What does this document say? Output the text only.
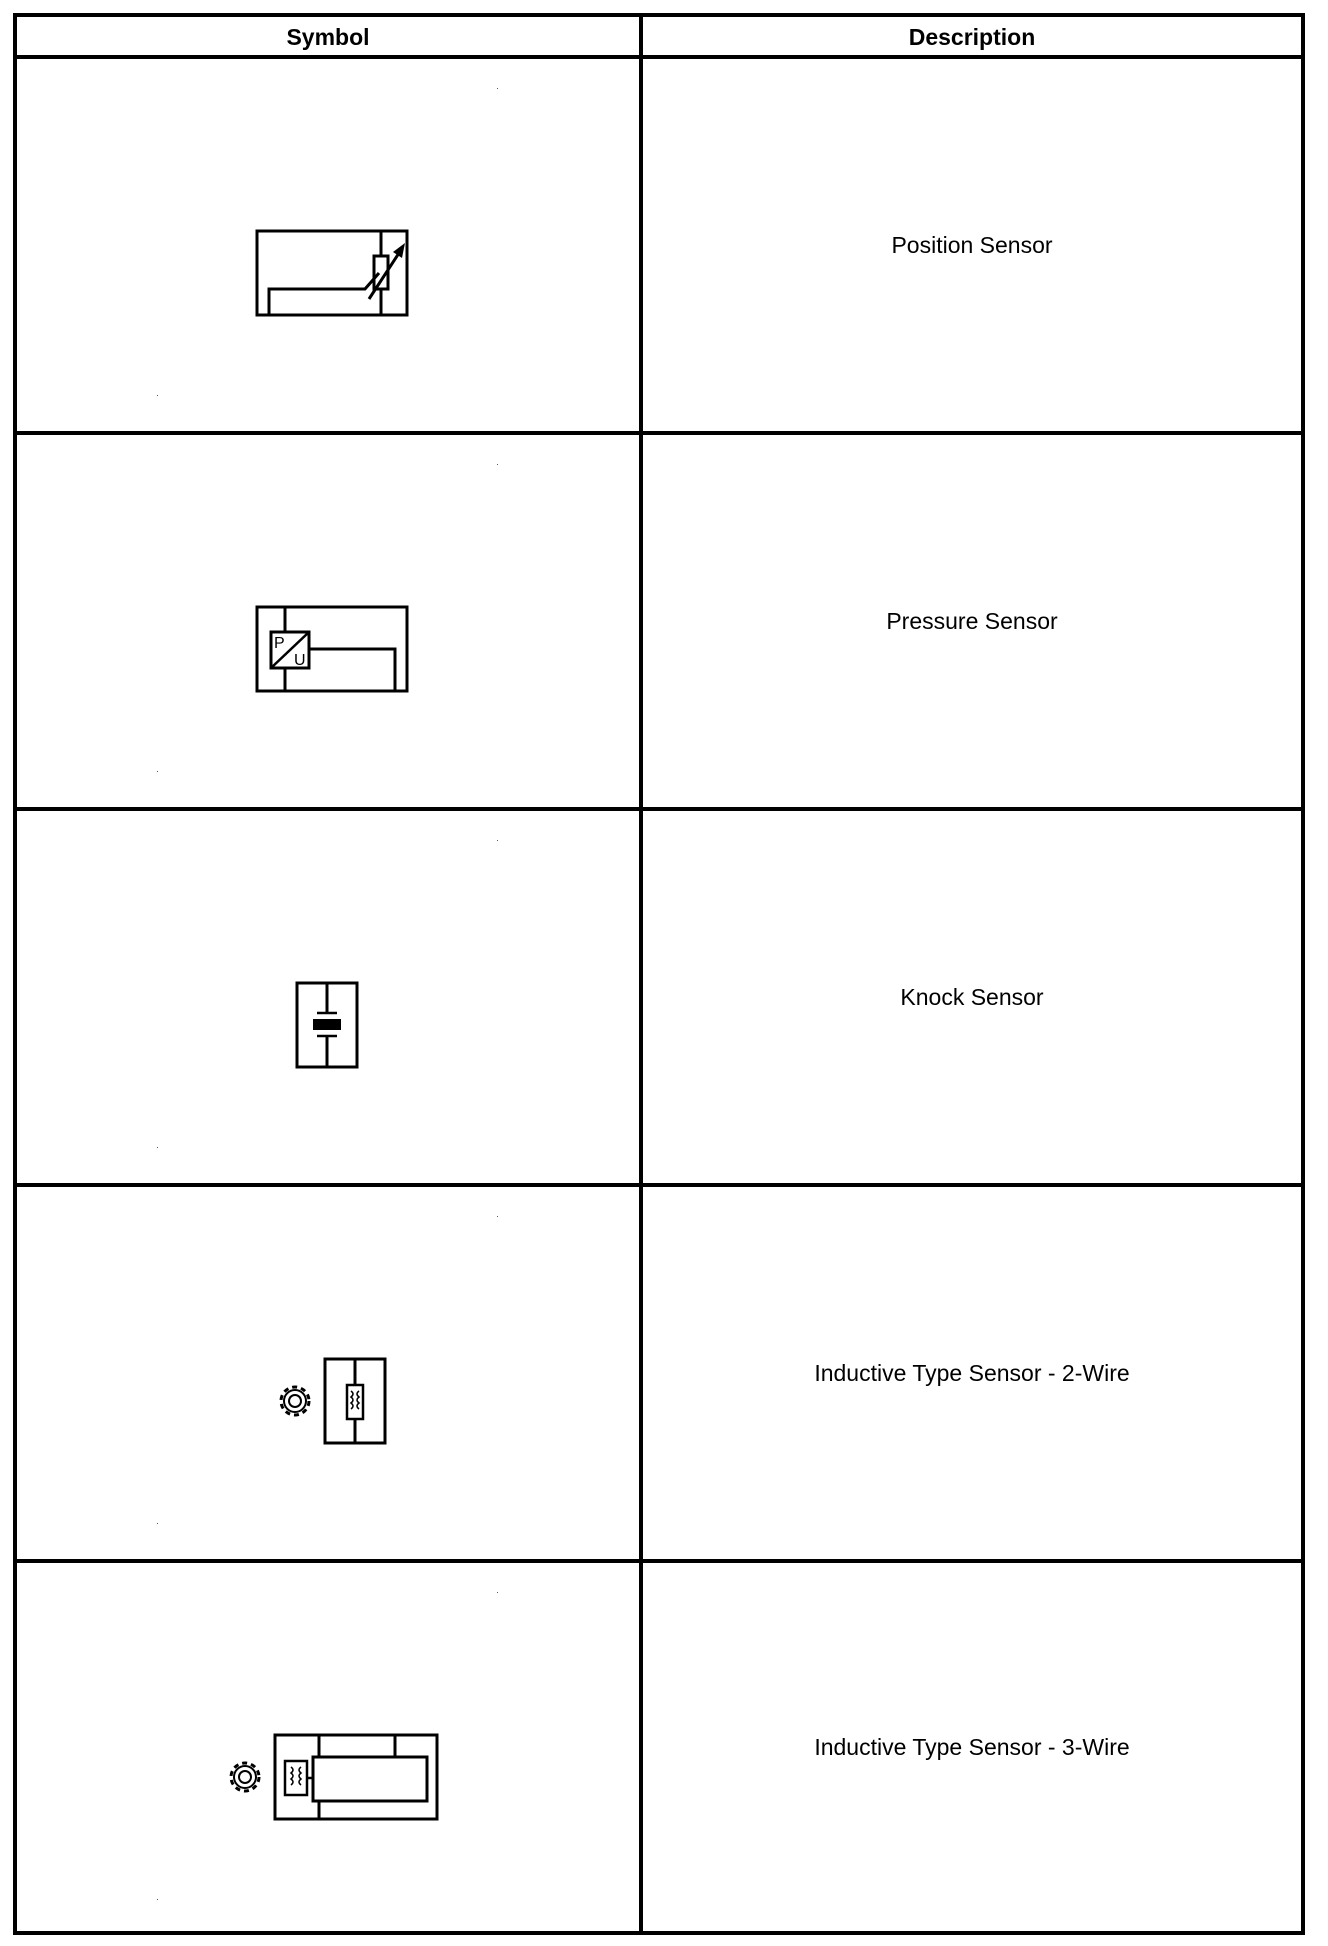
Symbol	Description
Position Sensor
P
U
Pressure Sensor
Knock Sensor
Inductive Type Sensor - 2-Wire
Inductive Type Sensor - 3-Wire
